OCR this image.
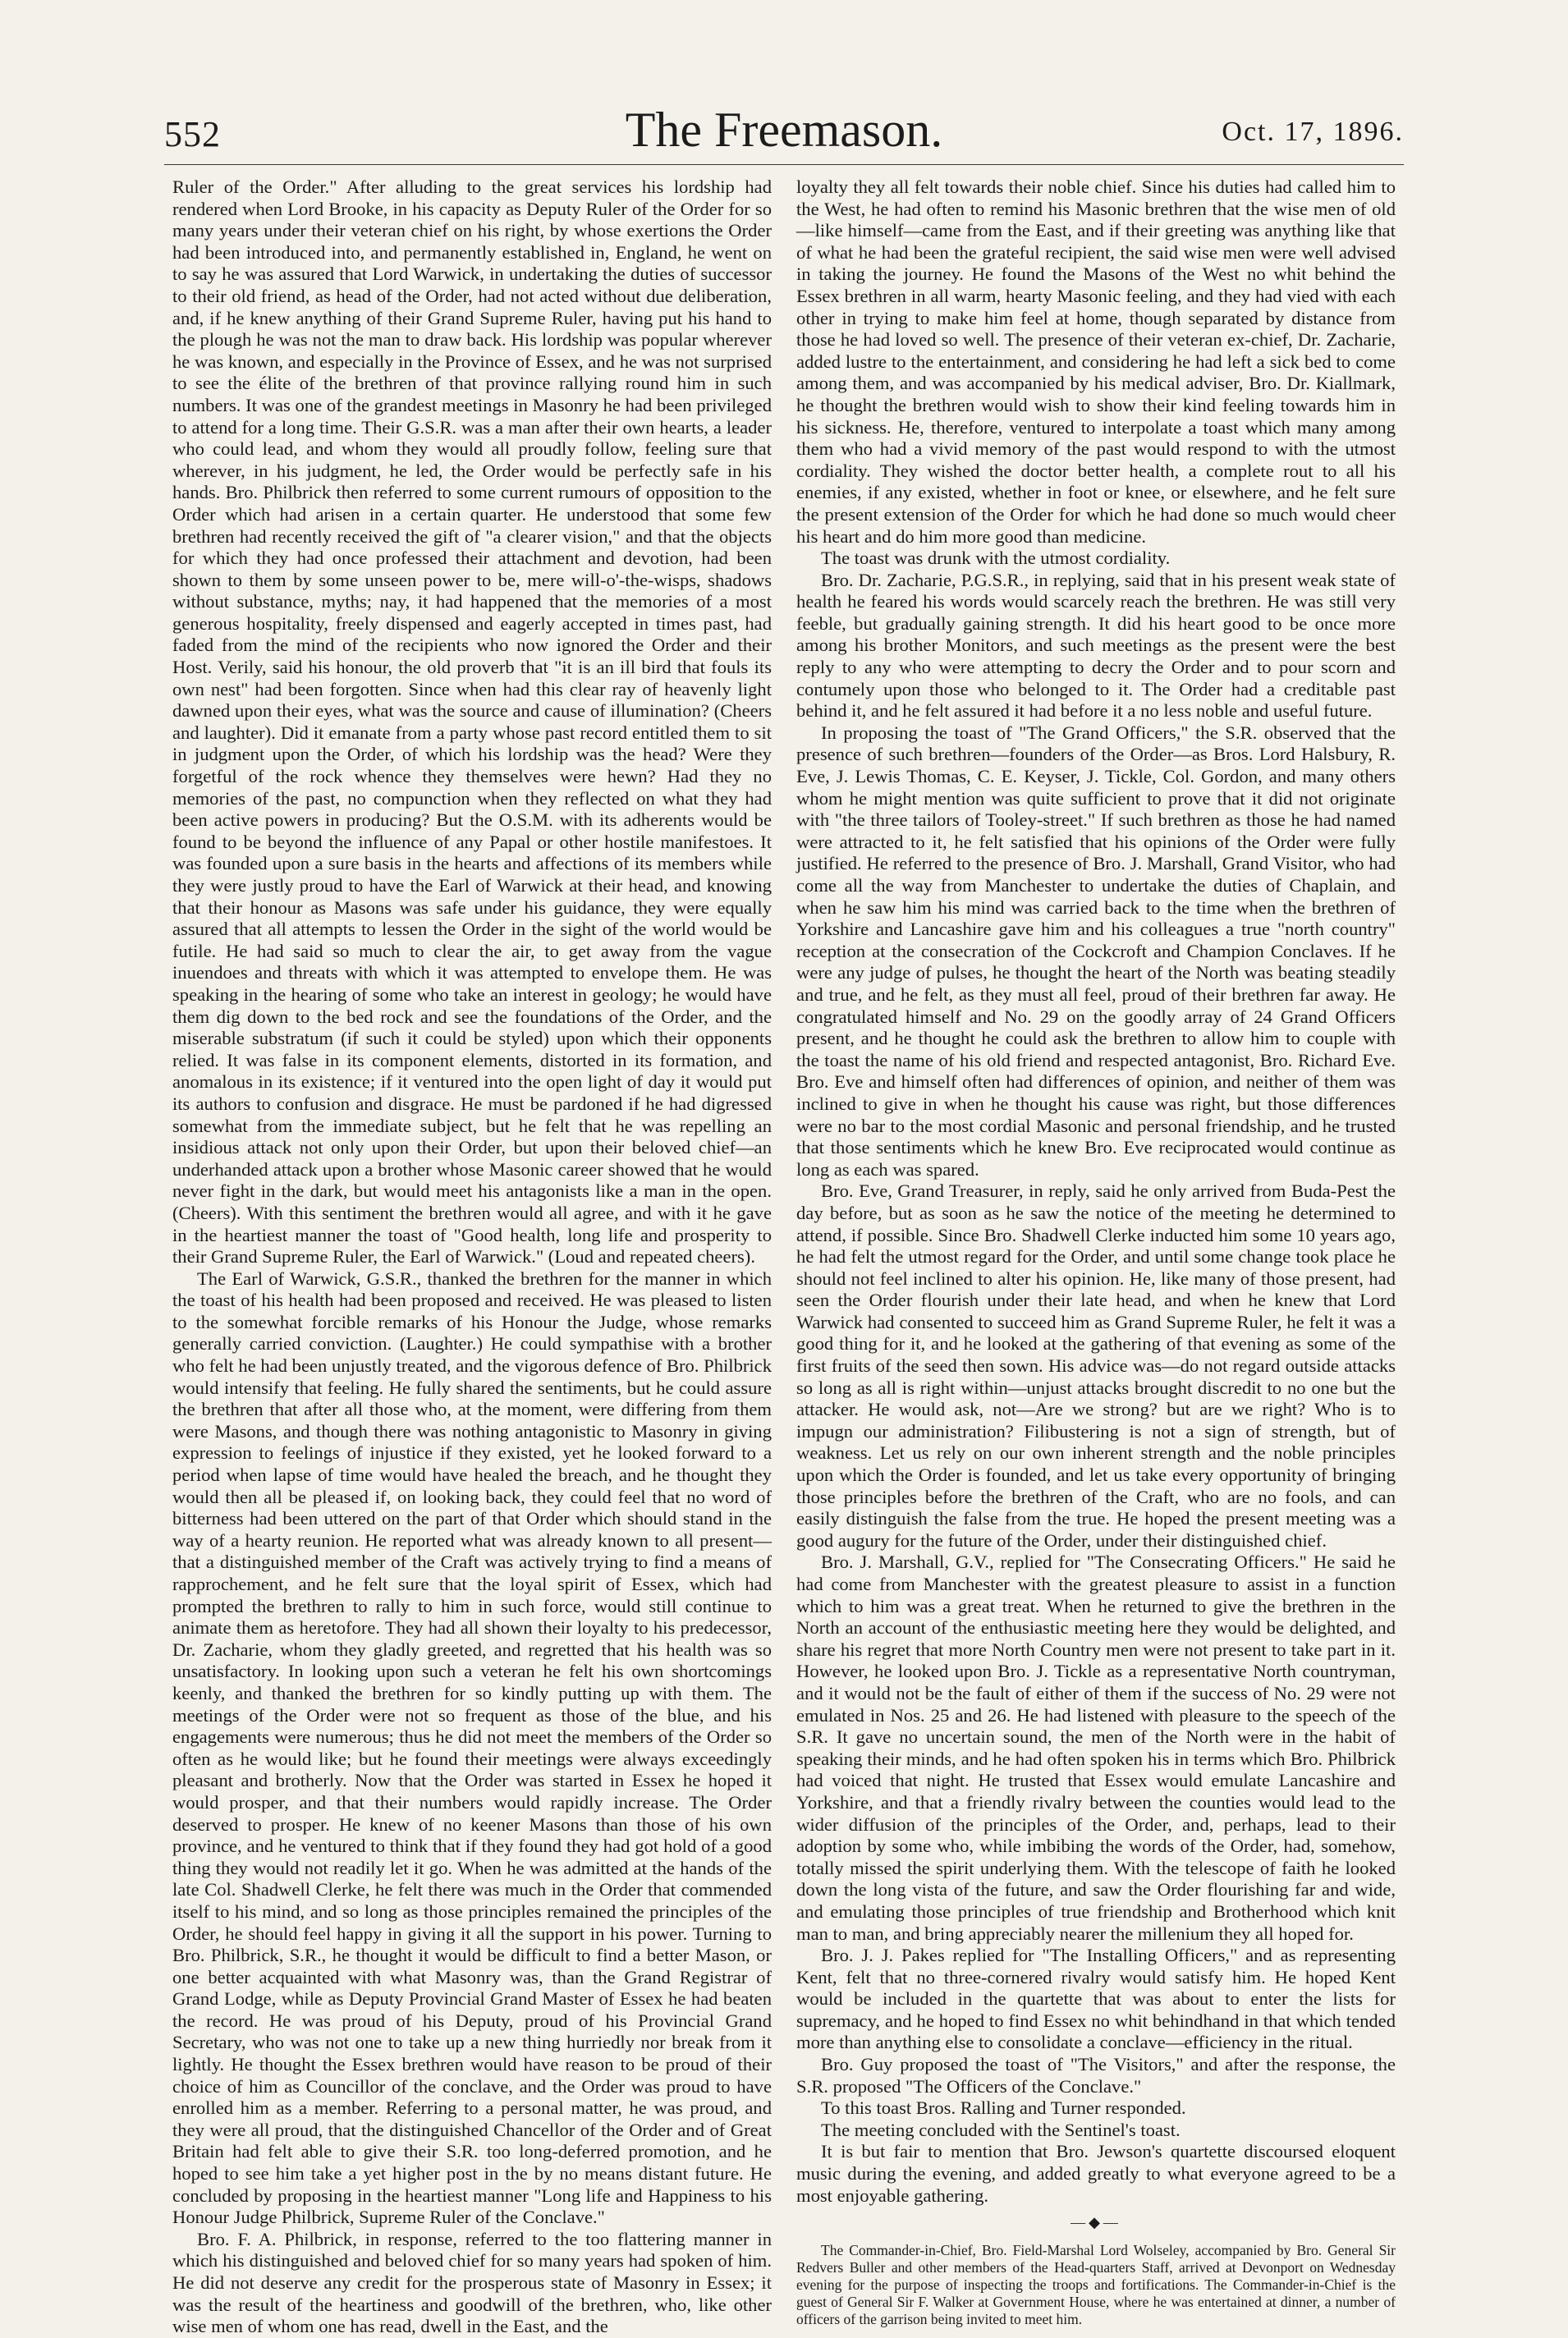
552	The Freemason.	Oct. 17, 1896.

Ruler of the Order." After alluding to the great services his lordship had rendered when Lord Brooke, in his capacity as Deputy Ruler of the Order for so many years under their veteran chief on his right, by whose exertions the Order had been introduced into, and permanently established in, England, he went on to say he was assured that Lord Warwick, in undertaking the duties of successor to their old friend, as head of the Order, had not acted without due deliberation, and, if he knew anything of their Grand Supreme Ruler, having put his hand to the plough he was not the man to draw back. His lordship was popular wherever he was known, and especially in the Province of Essex, and he was not surprised to see the élite of the brethren of that province rallying round him in such numbers. It was one of the grandest meetings in Masonry he had been privileged to attend for a long time. Their G.S.R. was a man after their own hearts, a leader who could lead, and whom they would all proudly follow, feeling sure that wherever, in his judgment, he led, the Order would be perfectly safe in his hands. Bro. Philbrick then referred to some current rumours of opposition to the Order which had arisen in a certain quarter. He understood that some few brethren had recently received the gift of "a clearer vision," and that the objects for which they had once professed their attachment and devotion, had been shown to them by some unseen power to be, mere will-o'-the-wisps, shadows without substance, myths; nay, it had happened that the memories of a most generous hospitality, freely dispensed and eagerly accepted in times past, had faded from the mind of the recipients who now ignored the Order and their Host. Verily, said his honour, the old proverb that "it is an ill bird that fouls its own nest" had been forgotten. Since when had this clear ray of heavenly light dawned upon their eyes, what was the source and cause of illumination? (Cheers and laughter). Did it emanate from a party whose past record entitled them to sit in judgment upon the Order, of which his lordship was the head? Were they forgetful of the rock whence they themselves were hewn? Had they no memories of the past, no compunction when they reflected on what they had been active powers in producing? But the O.S.M. with its adherents would be found to be beyond the influence of any Papal or other hostile manifestoes. It was founded upon a sure basis in the hearts and affections of its members while they were justly proud to have the Earl of Warwick at their head, and knowing that their honour as Masons was safe under his guidance, they were equally assured that all attempts to lessen the Order in the sight of the world would be futile. He had said so much to clear the air, to get away from the vague inuendoes and threats with which it was attempted to envelope them. He was speaking in the hearing of some who take an interest in geology; he would have them dig down to the bed rock and see the foundations of the Order, and the miserable substratum (if such it could be styled) upon which their opponents relied. It was false in its component elements, distorted in its formation, and anomalous in its existence; if it ventured into the open light of day it would put its authors to confusion and disgrace. He must be pardoned if he had digressed somewhat from the immediate subject, but he felt that he was repelling an insidious attack not only upon their Order, but upon their beloved chief—an underhanded attack upon a brother whose Masonic career showed that he would never fight in the dark, but would meet his antagonists like a man in the open. (Cheers). With this sentiment the brethren would all agree, and with it he gave in the heartiest manner the toast of "Good health, long life and prosperity to their Grand Supreme Ruler, the Earl of Warwick." (Loud and repeated cheers).

The Earl of Warwick, G.S.R., thanked the brethren for the manner in which the toast of his health had been proposed and received. He was pleased to listen to the somewhat forcible remarks of his Honour the Judge, whose remarks generally carried conviction. (Laughter.) He could sympathise with a brother who felt he had been unjustly treated, and the vigorous defence of Bro. Philbrick would intensify that feeling. He fully shared the sentiments, but he could assure the brethren that after all those who, at the moment, were differing from them were Masons, and though there was nothing antagonistic to Masonry in giving expression to feelings of injustice if they existed, yet he looked forward to a period when lapse of time would have healed the breach, and he thought they would then all be pleased if, on looking back, they could feel that no word of bitterness had been uttered on the part of that Order which should stand in the way of a hearty reunion. He reported what was already known to all present—that a distinguished member of the Craft was actively trying to find a means of rapprochement, and he felt sure that the loyal spirit of Essex, which had prompted the brethren to rally to him in such force, would still continue to animate them as heretofore. They had all shown their loyalty to his predecessor, Dr. Zacharie, whom they gladly greeted, and regretted that his health was so unsatisfactory. In looking upon such a veteran he felt his own shortcomings keenly, and thanked the brethren for so kindly putting up with them. The meetings of the Order were not so frequent as those of the blue, and his engagements were numerous; thus he did not meet the members of the Order so often as he would like; but he found their meetings were always exceedingly pleasant and brotherly. Now that the Order was started in Essex he hoped it would prosper, and that their numbers would rapidly increase. The Order deserved to prosper. He knew of no keener Masons than those of his own province, and he ventured to think that if they found they had got hold of a good thing they would not readily let it go. When he was admitted at the hands of the late Col. Shadwell Clerke, he felt there was much in the Order that commended itself to his mind, and so long as those principles remained the principles of the Order, he should feel happy in giving it all the support in his power. Turning to Bro. Philbrick, S.R., he thought it would be difficult to find a better Mason, or one better acquainted with what Masonry was, than the Grand Registrar of Grand Lodge, while as Deputy Provincial Grand Master of Essex he had beaten the record. He was proud of his Deputy, proud of his Provincial Grand Secretary, who was not one to take up a new thing hurriedly nor break from it lightly. He thought the Essex brethren would have reason to be proud of their choice of him as Councillor of the conclave, and the Order was proud to have enrolled him as a member. Referring to a personal matter, he was proud, and they were all proud, that the distinguished Chancellor of the Order and of Great Britain had felt able to give their S.R. too long-deferred promotion, and he hoped to see him take a yet higher post in the by no means distant future. He concluded by proposing in the heartiest manner "Long life and Happiness to his Honour Judge Philbrick, Supreme Ruler of the Conclave."

Bro. F. A. Philbrick, in response, referred to the too flattering manner in which his distinguished and beloved chief for so many years had spoken of him. He did not deserve any credit for the prosperous state of Masonry in Essex; it was the result of the heartiness and goodwill of the brethren, who, like other wise men of whom one has read, dwell in the East, and the

loyalty they all felt towards their noble chief. Since his duties had called him to the West, he had often to remind his Masonic brethren that the wise men of old—like himself—came from the East, and if their greeting was anything like that of what he had been the grateful recipient, the said wise men were well advised in taking the journey. He found the Masons of the West no whit behind the Essex brethren in all warm, hearty Masonic feeling, and they had vied with each other in trying to make him feel at home, though separated by distance from those he had loved so well. The presence of their veteran ex-chief, Dr. Zacharie, added lustre to the entertainment, and considering he had left a sick bed to come among them, and was accompanied by his medical adviser, Bro. Dr. Kiallmark, he thought the brethren would wish to show their kind feeling towards him in his sickness. He, therefore, ventured to interpolate a toast which many among them who had a vivid memory of the past would respond to with the utmost cordiality. They wished the doctor better health, a complete rout to all his enemies, if any existed, whether in foot or knee, or elsewhere, and he felt sure the present extension of the Order for which he had done so much would cheer his heart and do him more good than medicine.

The toast was drunk with the utmost cordiality.

Bro. Dr. Zacharie, P.G.S.R., in replying, said that in his present weak state of health he feared his words would scarcely reach the brethren. He was still very feeble, but gradually gaining strength. It did his heart good to be once more among his brother Monitors, and such meetings as the present were the best reply to any who were attempting to decry the Order and to pour scorn and contumely upon those who belonged to it. The Order had a creditable past behind it, and he felt assured it had before it a no less noble and useful future.

In proposing the toast of "The Grand Officers," the S.R. observed that the presence of such brethren—founders of the Order—as Bros. Lord Halsbury, R. Eve, J. Lewis Thomas, C. E. Keyser, J. Tickle, Col. Gordon, and many others whom he might mention was quite sufficient to prove that it did not originate with "the three tailors of Tooley-street." If such brethren as those he had named were attracted to it, he felt satisfied that his opinions of the Order were fully justified. He referred to the presence of Bro. J. Marshall, Grand Visitor, who had come all the way from Manchester to undertake the duties of Chaplain, and when he saw him his mind was carried back to the time when the brethren of Yorkshire and Lancashire gave him and his colleagues a true "north country" reception at the consecration of the Cockcroft and Champion Conclaves. If he were any judge of pulses, he thought the heart of the North was beating steadily and true, and he felt, as they must all feel, proud of their brethren far away. He congratulated himself and No. 29 on the goodly array of 24 Grand Officers present, and he thought he could ask the brethren to allow him to couple with the toast the name of his old friend and respected antagonist, Bro. Richard Eve. Bro. Eve and himself often had differences of opinion, and neither of them was inclined to give in when he thought his cause was right, but those differences were no bar to the most cordial Masonic and personal friendship, and he trusted that those sentiments which he knew Bro. Eve reciprocated would continue as long as each was spared.

Bro. Eve, Grand Treasurer, in reply, said he only arrived from Buda-Pest the day before, but as soon as he saw the notice of the meeting he determined to attend, if possible. Since Bro. Shadwell Clerke inducted him some 10 years ago, he had felt the utmost regard for the Order, and until some change took place he should not feel inclined to alter his opinion. He, like many of those present, had seen the Order flourish under their late head, and when he knew that Lord Warwick had consented to succeed him as Grand Supreme Ruler, he felt it was a good thing for it, and he looked at the gathering of that evening as some of the first fruits of the seed then sown. His advice was—do not regard outside attacks so long as all is right within—unjust attacks brought discredit to no one but the attacker. He would ask, not—Are we strong? but are we right? Who is to impugn our administration? Filibustering is not a sign of strength, but of weakness. Let us rely on our own inherent strength and the noble principles upon which the Order is founded, and let us take every opportunity of bringing those principles before the brethren of the Craft, who are no fools, and can easily distinguish the false from the true. He hoped the present meeting was a good augury for the future of the Order, under their distinguished chief.

Bro. J. Marshall, G.V., replied for "The Consecrating Officers." He said he had come from Manchester with the greatest pleasure to assist in a function which to him was a great treat. When he returned to give the brethren in the North an account of the enthusiastic meeting here they would be delighted, and share his regret that more North Country men were not present to take part in it. However, he looked upon Bro. J. Tickle as a representative North countryman, and it would not be the fault of either of them if the success of No. 29 were not emulated in Nos. 25 and 26. He had listened with pleasure to the speech of the S.R. It gave no uncertain sound, the men of the North were in the habit of speaking their minds, and he had often spoken his in terms which Bro. Philbrick had voiced that night. He trusted that Essex would emulate Lancashire and Yorkshire, and that a friendly rivalry between the counties would lead to the wider diffusion of the principles of the Order, and, perhaps, lead to their adoption by some who, while imbibing the words of the Order, had, somehow, totally missed the spirit underlying them. With the telescope of faith he looked down the long vista of the future, and saw the Order flourishing far and wide, and emulating those principles of true friendship and Brotherhood which knit man to man, and bring appreciably nearer the millenium they all hoped for.

Bro. J. J. Pakes replied for "The Installing Officers," and as representing Kent, felt that no three-cornered rivalry would satisfy him. He hoped Kent would be included in the quartette that was about to enter the lists for supremacy, and he hoped to find Essex no whit behindhand in that which tended more than anything else to consolidate a conclave—efficiency in the ritual.

Bro. Guy proposed the toast of "The Visitors," and after the response, the S.R. proposed "The Officers of the Conclave."

To this toast Bros. Ralling and Turner responded.

The meeting concluded with the Sentinel's toast.

It is but fair to mention that Bro. Jewson's quartette discoursed eloquent music during the evening, and added greatly to what everyone agreed to be a most enjoyable gathering.

—◆—

The Commander-in-Chief, Bro. Field-Marshal Lord Wolseley, accompanied by Bro. General Sir Redvers Buller and other members of the Head-quarters Staff, arrived at Devonport on Wednesday evening for the purpose of inspecting the troops and fortifications. The Commander-in-Chief is the guest of General Sir F. Walker at Government House, where he was entertained at dinner, a number of officers of the garrison being invited to meet him.
